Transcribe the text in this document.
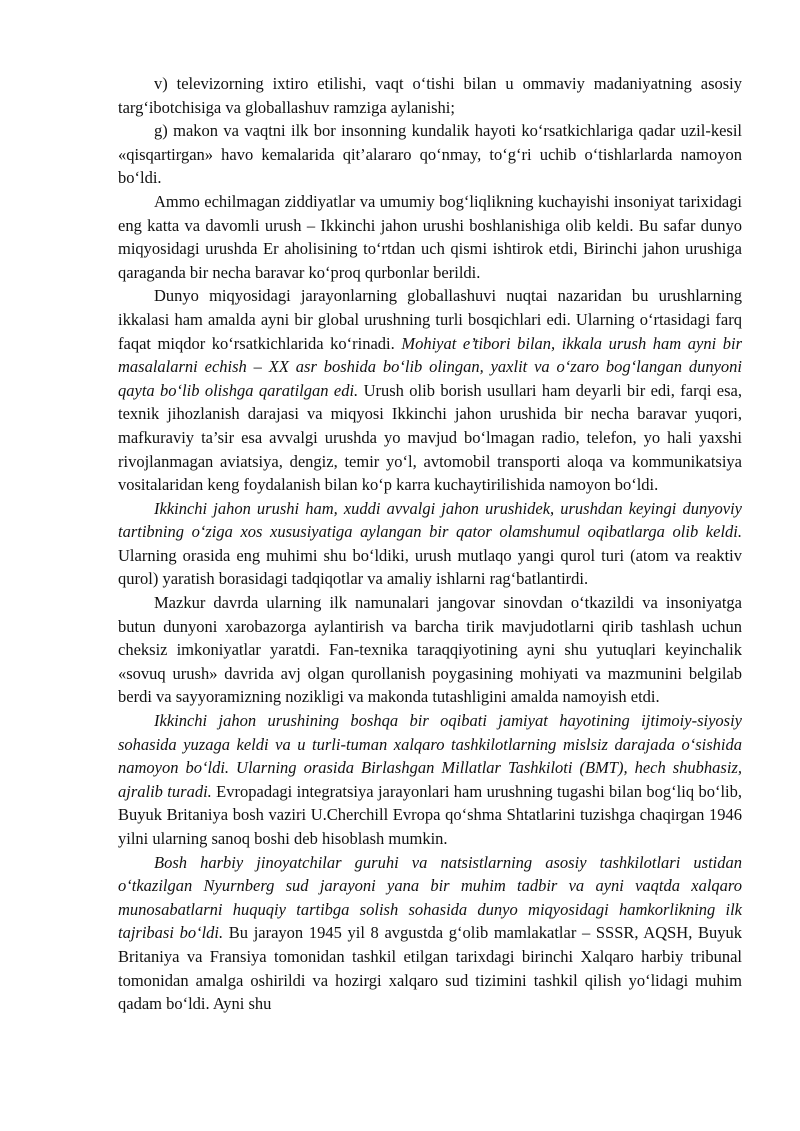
v) televizorning ixtiro etilishi, vaqt o‘tishi bilan u ommaviy madaniyatning asosiy targ‘ibotchisiga va globallashuv ramziga aylanishi;

g) makon va vaqtni ilk bor insonning kundalik hayoti ko‘rsatkichlariga qadar uzil-kesil «qisqartirgan» havo kemalarida qit’alararo qo‘nmay, to‘g‘ri uchib o‘tishlarlarda namoyon bo‘ldi.

Ammo echilmagan ziddiyatlar va umumiy bog‘liqlikning kuchayishi insoniyat tarixidagi eng katta va davomli urush – Ikkinchi jahon urushi boshlanishiga olib keldi. Bu safar dunyo miqyosidagi urushda Er aholisining to‘rtdan uch qismi ishtirok etdi, Birinchi jahon urushiga qaraganda bir necha baravar ko‘proq qurbonlar berildi.

Dunyo miqyosidagi jarayonlarning globallashuvi nuqtai nazaridan bu urushlarning ikkalasi ham amalda ayni bir global urushning turli bosqichlari edi. Ularning o‘rtasidagi farq faqat miqdor ko‘rsatkichlarida ko‘rinadi. Mohiyat e’tibori bilan, ikkala urush ham ayni bir masalalarni echish – XX asr boshida bo‘lib olingan, yaxlit va o‘zaro bog‘langan dunyoni qayta bo‘lib olishga qaratilgan edi. Urush olib borish usullari ham deyarli bir edi, farqi esa, texnik jihozlanish darajasi va miqyosi Ikkinchi jahon urushida bir necha baravar yuqori, mafkuraviy ta’sir esa avvalgi urushda yo mavjud bo‘lmagan radio, telefon, yo hali yaxshi rivojlanmagan aviatsiya, dengiz, temir yo‘l, avtomobil transporti aloqa va kommunikatsiya vositalaridan keng foydalanish bilan ko‘p karra kuchaytirilishida namoyon bo‘ldi.

Ikkinchi jahon urushi ham, xuddi avvalgi jahon urushidek, urushdan keyingi dunyoviy tartibning o‘ziga xos xususiyatiga aylangan bir qator olamshumul oqibatlarga olib keldi. Ularning orasida eng muhimi shu bo‘ldiki, urush mutlaqo yangi qurol turi (atom va reaktiv qurol) yaratish borasidagi tadqiqotlar va amaliy ishlarni rag‘batlantirdi.

Mazkur davrda ularning ilk namunalari jangovar sinovdan o‘tkazildi va insoniyatga butun dunyoni xarobazorga aylantirish va barcha tirik mavjudotlarni qirib tashlash uchun cheksiz imkoniyatlar yaratdi. Fan-texnika taraqqiyotining ayni shu yutuqlari keyinchalik «sovuq urush» davrida avj olgan qurollanish poygasining mohiyati va mazmunini belgilab berdi va sayyoramizning nozikligi va makonda tutashligini amalda namoyish etdi.

Ikkinchi jahon urushining boshqa bir oqibati jamiyat hayotining ijtimoiy-siyosiy sohasida yuzaga keldi va u turli-tuman xalqaro tashkilotlarning mislsiz darajada o‘sishida namoyon bo‘ldi. Ularning orasida Birlashgan Millatlar Tashkiloti (BMT), hech shubhasiz, ajralib turadi. Evropadagi integratsiya jarayonlari ham urushning tugashi bilan bog‘liq bo‘lib, Buyuk Britaniya bosh vaziri U.Cherchill Evropa qo‘shma Shtatlarini tuzishga chaqirgan 1946 yilni ularning sanoq boshi deb hisoblash mumkin.

Bosh harbiy jinoyatchilar guruhi va natsistlarning asosiy tashkilotlari ustidan o‘tkazilgan Nyurnberg sud jarayoni yana bir muhim tadbir va ayni vaqtda xalqaro munosabatlarni huquqiy tartibga solish sohasida dunyo miqyosidagi hamkorlikning ilk tajribasi bo‘ldi. Bu jarayon 1945 yil 8 avgustda g‘olib mamlakatlar – SSSR, AQSH, Buyuk Britaniya va Fransiya tomonidan tashkil etilgan tarixdagi birinchi Xalqaro harbiy tribunal tomonidan amalga oshirildi va hozirgi xalqaro sud tizimini tashkil qilish yo‘lidagi muhim qadam bo‘ldi. Ayni shu
